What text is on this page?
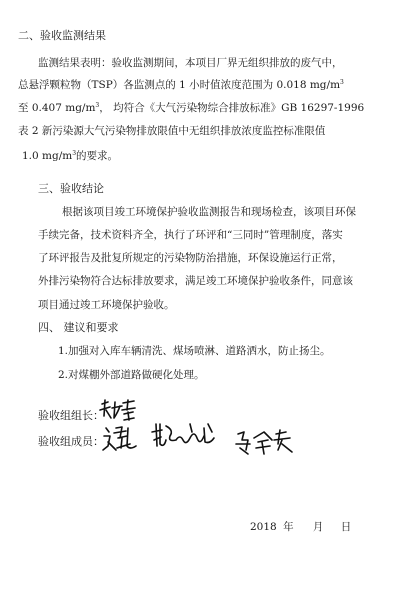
二、验收监测结果
监测结果表明：验收监测期间，本项目厂界无组织排放的废气中，
总悬浮颗粒物（TSP）各监测点的 1 小时值浓度范围为 0.018 $mg/m^3$
至 0.407 $mg/m^3$， 均符合《大气污染物综合排放标准》GB 16297-1996
表 2 新污染源大气污染物排放限值中无组织排放浓度监控标准限值
1.0 $mg/m^3$的要求。
三、验收结论
根据该项目竣工环境保护验收监测报告和现场检查，该项目环保
手续完备，技术资料齐全，执行了环评和“三同时”管理制度，落实
了环评报告及批复所规定的污染物防治措施，环保设施运行正常，
外排污染物符合达标排放要求，满足竣工环境保护验收条件，同意该
项目通过竣工环境保护验收。
四、 建议和要求
1.加强对入库车辆清洗、煤场喷淋、道路洒水，防止扬尘。
2.对煤棚外部道路做硬化处理。
验收组组长：
验收组成员：
2018 年 月 日
